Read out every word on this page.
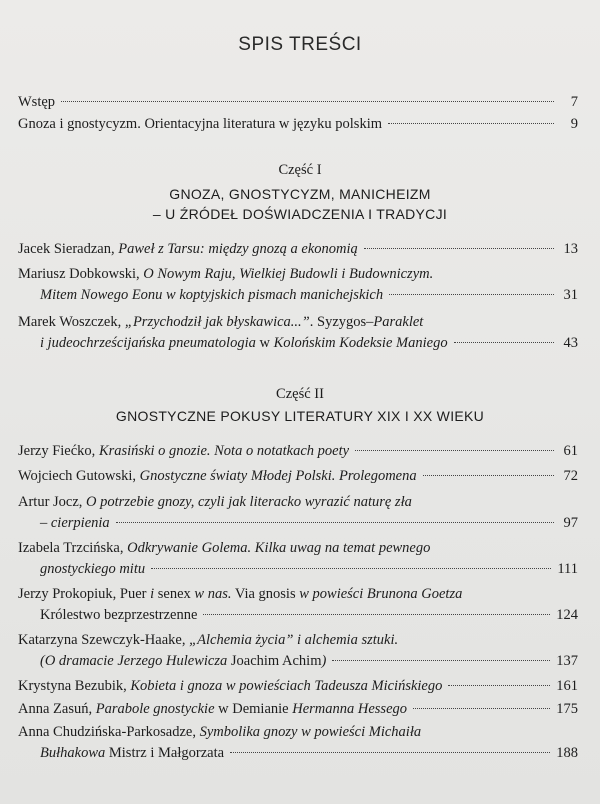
SPIS TREŚCI
Wstęp	7
Gnoza i gnostycyzm. Orientacyjna literatura w języku polskim	9
Część I
GNOZA, GNOSTYCYZM, MANICHEIZM
– U ŹRÓDEŁ DOŚWIADCZENIA I TRADYCJI
Jacek Sieradzan, Paweł z Tarsu: między gnozą a ekonomią	13
Mariusz Dobkowski, O Nowym Raju, Wielkiej Budowli i Budowniczym.
Mitem Nowego Eonu w koptyjskich pismach manichejskich	31
Marek Woszczek, „Przychodził jak błyskawica...”. Syzygos–Paraklet
i judeochrześcijańska pneumatologia w Kolońskim Kodeksie Maniego	43
Część II
GNOSTYCZNE POKUSY LITERATURY XIX I XX WIEKU
Jerzy Fiećko, Krasiński o gnozie. Nota o notatkach poety	61
Wojciech Gutowski, Gnostyczne światy Młodej Polski. Prolegomena	72
Artur Jocz, O potrzebie gnozy, czyli jak literacko wyrazić naturę zła
– cierpienia	97
Izabela Trzcińska, Odkrywanie Golema. Kilka uwag na temat pewnego
gnostyckiego mitu	111
Jerzy Prokopiuk, Puer i senex w nas. Via gnosis w powieści Brunona Goetza
Królestwo bezprzestrzenne	124
Katarzyna Szewczyk-Haake, „Alchemia życia” i alchemia sztuki.
(O dramacie Jerzego Hulewicza Joachim Achim)	137
Krystyna Bezubik, Kobieta i gnoza w powieściach Tadeusza Micińskiego	161
Anna Zasuń, Parabole gnostyckie w Demianie Hermanna Hessego	175
Anna Chudzińska-Parkosadze, Symbolika gnozy w powieści Michaiła
Bułhakowa Mistrz i Małgorzata	188
